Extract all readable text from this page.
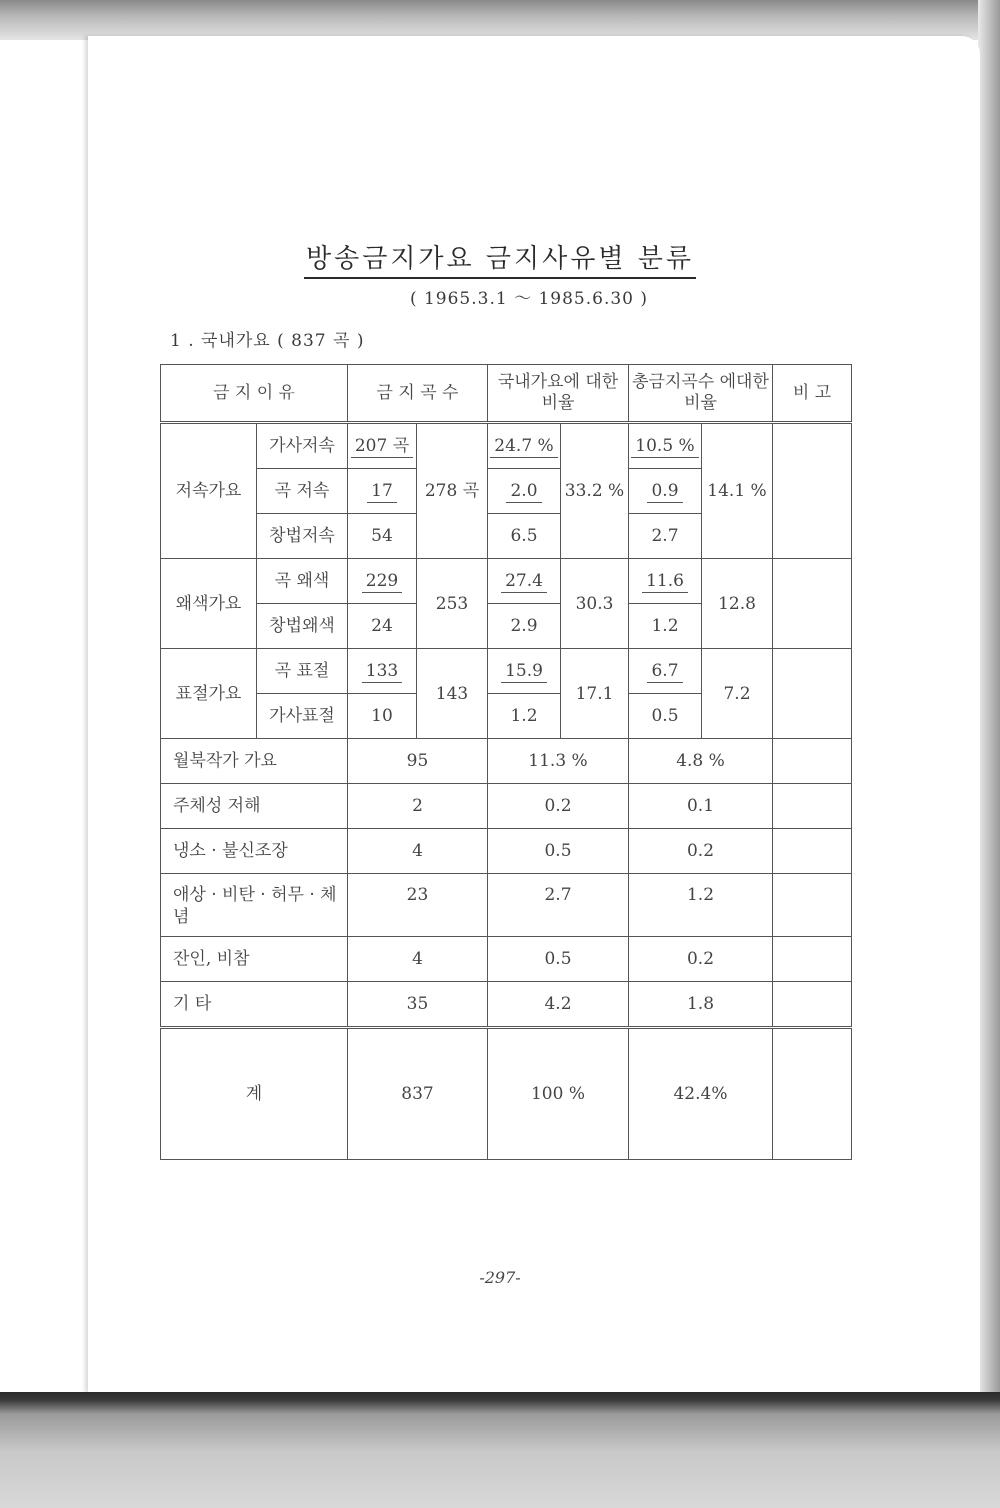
방송금지가요 금지사유별 분류
( 1965.3.1 ～ 1985.6.30 )
1 . 국내가요 ( 837 곡 )
금 지 이 유		금 지 곡 수		국내가요에 대한 비율		총금지곡수 에대한비율		비 고
저속가요	가사저속	207 곡	278 곡	24.7 %	33.2 %	10.5 %	14.1 %	
	곡 저속	17		2.0		0.9		
	창법저속	54		6.5		2.7		
왜색가요	곡 왜색	229	253	27.4	30.3	11.6	12.8	
	창법왜색	24		2.9		1.2		
표절가요	곡 표절	133	143	15.9	17.1	6.7	7.2	
	가사표절	10		1.2		0.5		
월북작가 가요		95		11.3 %		4.8 %		
주체성 저해		2		0.2		0.1		
냉소 · 불신조장		4		0.5		0.2		
애상 · 비탄 · 허무 · 체념		23		2.7		1.2		
잔인, 비참		4		0.5		0.2		
기 타		35		4.2		1.8		
계		837		100 %		42.4%		
-297-
